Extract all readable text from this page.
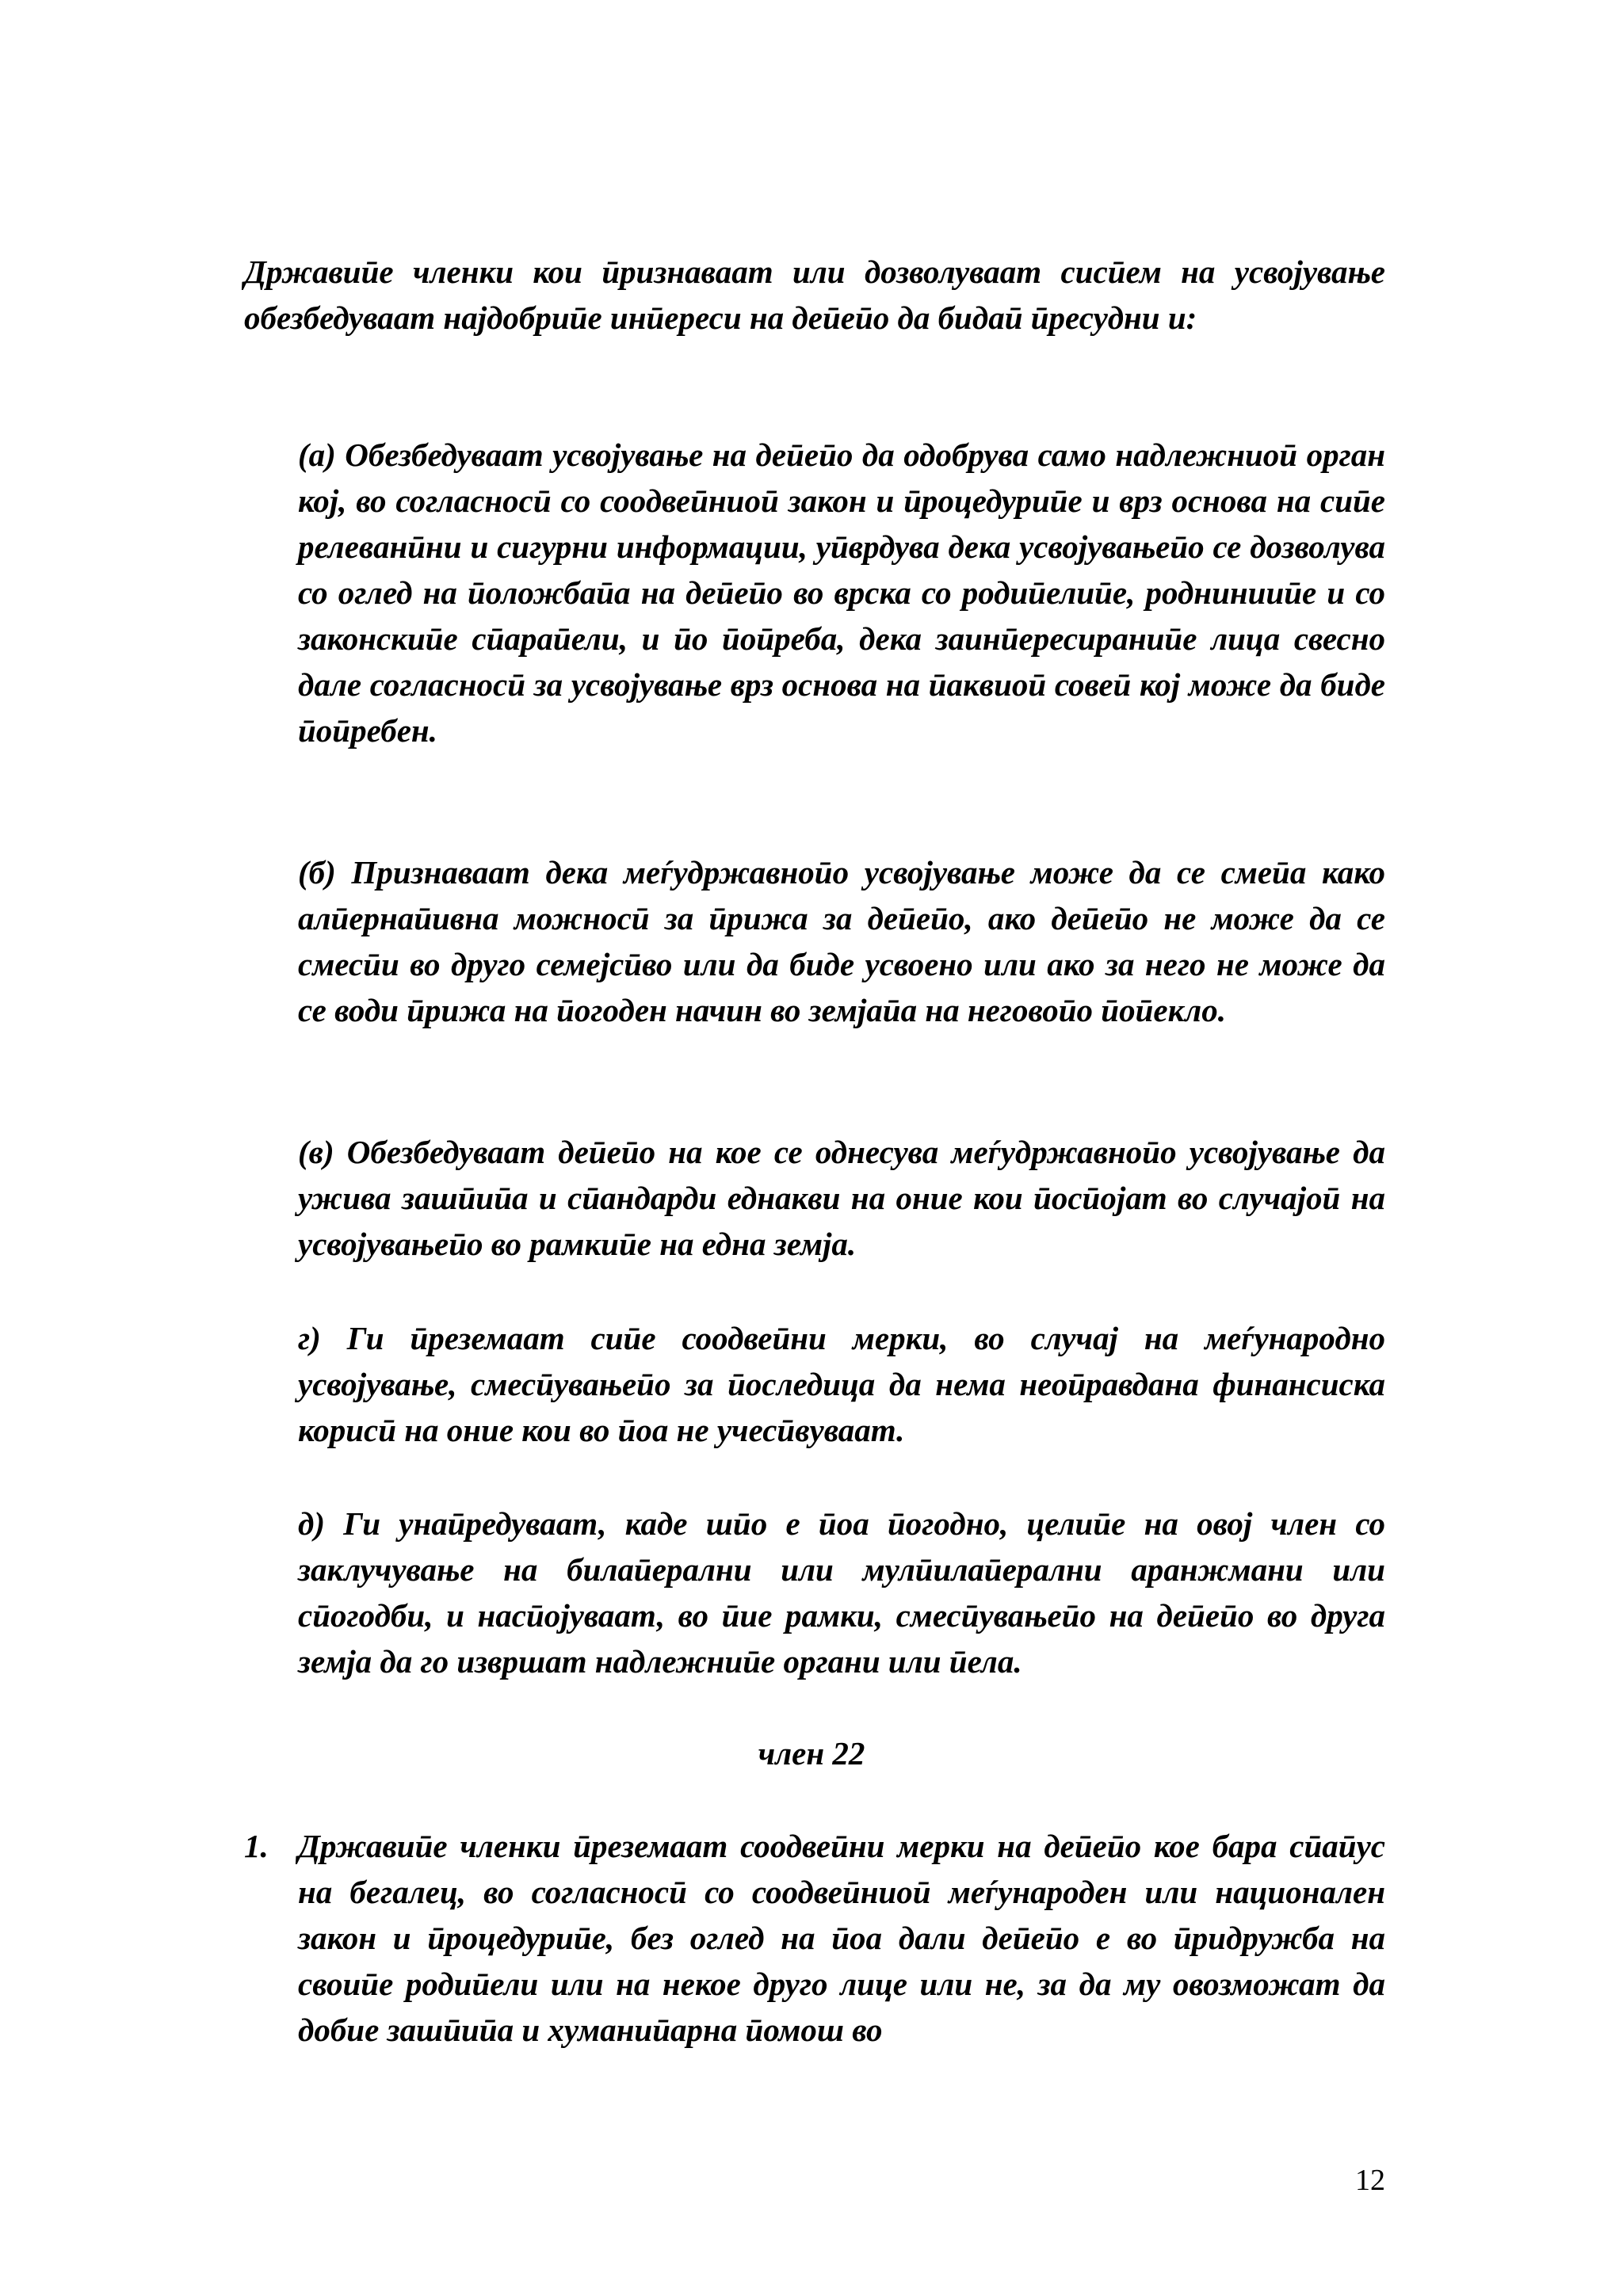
Државиӣе членки кои ӣризнаваат или дозволуваат сисӣем на усвојување обезбедуваат најдобриӣе инӣереси на деӣеӣо да бидаӣ ӣресудни и:

(а) Обезбедуваат усвојување на деӣеӣо да одобрува само надлежниоӣ орган кој, во согласносӣ со соодвеӣниоӣ закон и ӣроцедуриӣе и врз основа на сиӣе релеванӣни и сигурни информации, уӣврдува дека усвојувањеӣо се дозволува со оглед на ӣоложбаӣа на деӣеӣо во врска со родиӣелиӣе, роднинииӣе и со законскиӣе сӣараӣели, и ӣо ӣоӣреба, дека заинӣересираниӣе лица свесно дале согласносӣ за усвојување врз основа на ӣаквиоӣ совеӣ кој може да биде ӣоӣребен.

(б) Признаваат дека меѓудржавноӣо усвојување може да се смеӣа како алӣернаӣивна можносӣ за ӣрижа за деӣеӣо, ако деӣеӣо не може да се смесӣи во друго семејсӣво или да биде усвоено или ако за него не може да се води ӣрижа на ӣогоден начин во земјаӣа на неговоӣо ӣоӣекло.

(в) Обезбедуваат деӣеӣо на кое се однесува меѓудржавноӣо усвојување да ужива зашӣиӣа и сӣандарди еднакви на оние кои ӣосӣојат во случајоӣ на усвојувањеӣо во рамкиӣе на една земја.

г) Ги ӣреземаат сиӣе соодвеӣни мерки, во случај на меѓународно усвојување, смесӣувањеӣо за ӣоследица да нема неоӣравдана финансиска корисӣ на оние кои во ӣоа не учесӣвуваат.

д) Ги унаӣредуваат, каде шӣо е ӣоа ӣогодно, целиӣе на овој член со заклучување на билаӣерални или мулӣилаӣерални аранжмани или сӣогодби, и насӣојуваат, во ӣие рамки, смесӣувањеӣо на деӣеӣо во друга земја да го извршат надлежниӣе органи или ӣела.

член 22

1. Државиӣе членки ӣреземаат соодвеӣни мерки на деӣеӣо кое бара сӣаӣус на бегалец, во согласносӣ со соодвеӣниоӣ меѓународен или национален закон и ӣроцедуриӣе, без оглед на ӣоа дали деӣеӣо е во ӣридружба на своиӣе родиӣели или на некое друго лице или не, за да му овозможат да добие зашӣиӣа и хуманиӣарна ӣомош во

12
